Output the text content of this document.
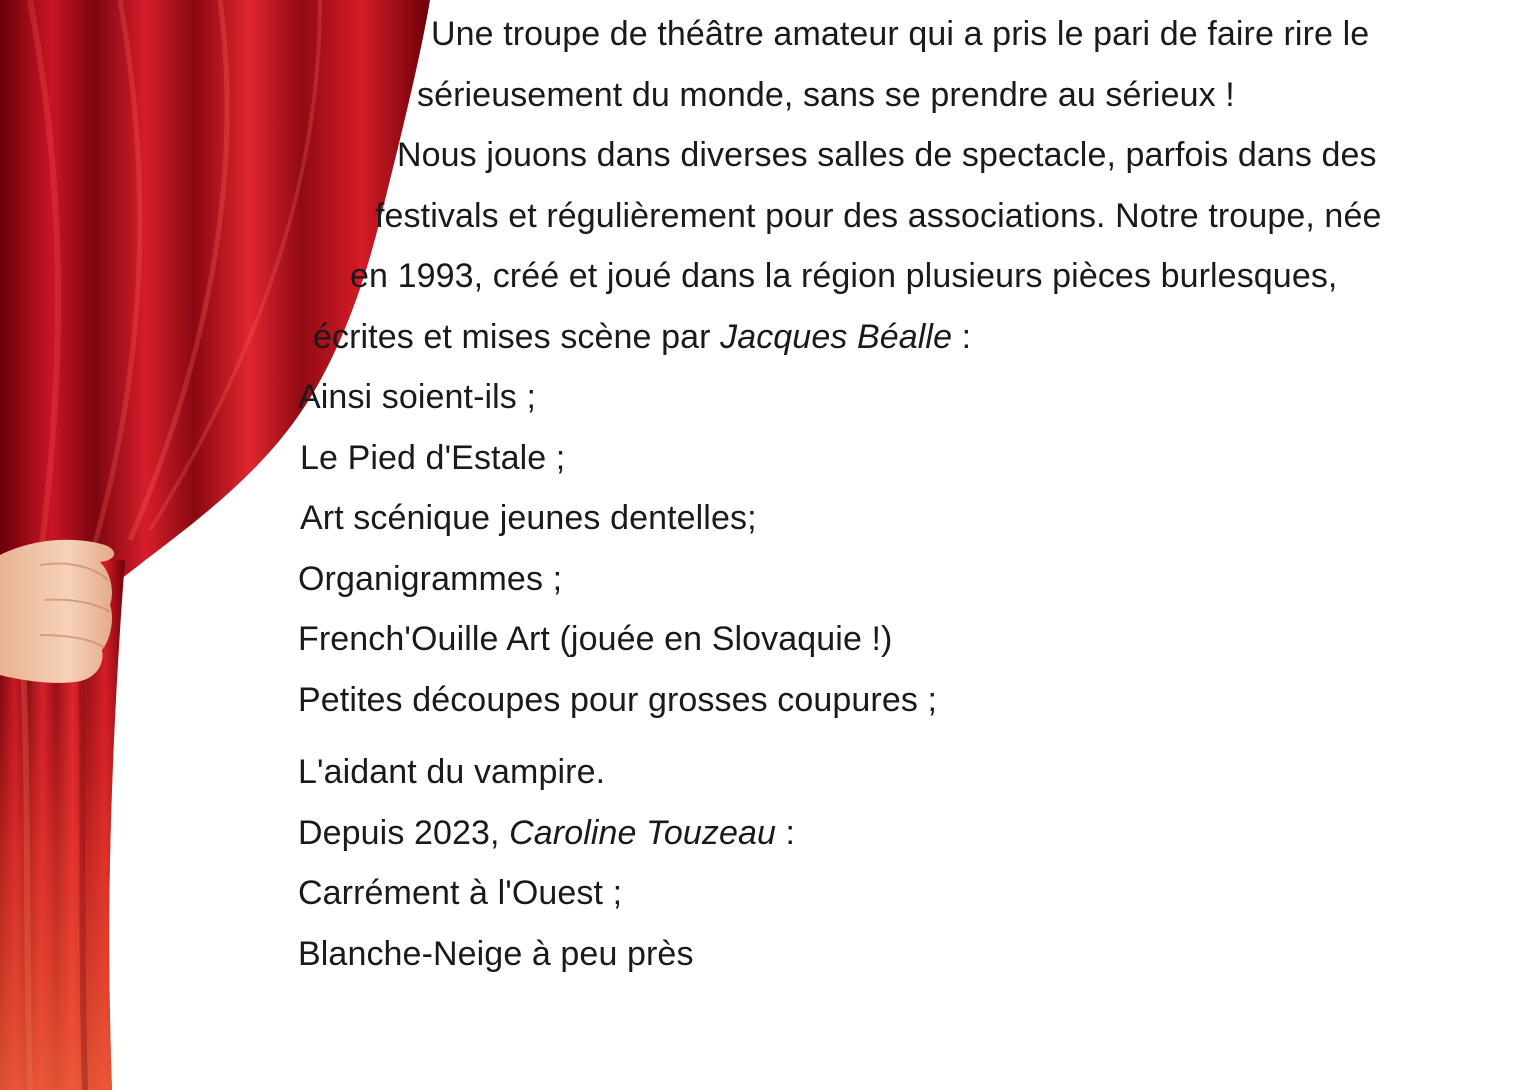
Une troupe de théâtre amateur qui a pris le pari de faire rire le
sérieusement du monde, sans se prendre au sérieux !
Nous jouons dans diverses salles de spectacle, parfois dans des
festivals et régulièrement pour des associations. Notre troupe, née
en 1993, créé et joué dans la région plusieurs pièces burlesques,
écrites et mises scène par Jacques Béalle :
Ainsi soient-ils ;
Le Pied d'Estale ;
Art scénique jeunes dentelles;
Organigrammes ;
French'Ouille Art (jouée en Slovaquie !)
Petites découpes pour grosses coupures ;
L'aidant du vampire.
Depuis 2023, Caroline Touzeau :
Carrément à l'Ouest ;
Blanche-Neige à peu près
